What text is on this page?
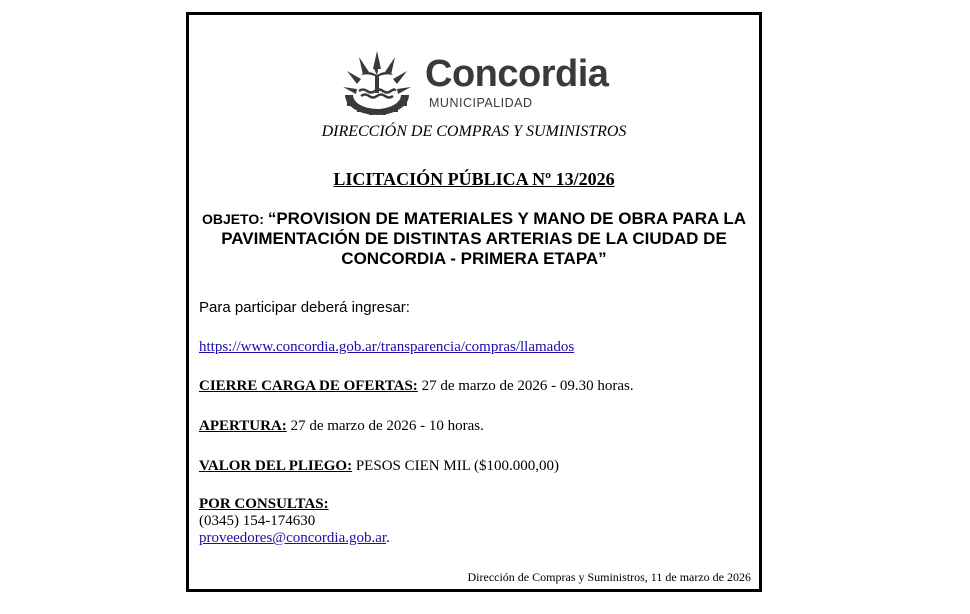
Concordia
MUNICIPALIDAD
DIRECCIÓN DE COMPRAS Y SUMINISTROS
LICITACIÓN PÚBLICA Nº 13/2026
OBJETO: “PROVISION DE MATERIALES Y MANO DE OBRA PARA LA PAVIMENTACIÓN DE DISTINTAS ARTERIAS DE LA CIUDAD DE CONCORDIA - PRIMERA ETAPA”
Para participar deberá ingresar:
https://www.concordia.gob.ar/transparencia/compras/llamados
CIERRE CARGA DE OFERTAS: 27 de marzo de 2026 - 09.30 horas.
APERTURA: 27 de marzo de 2026 - 10 horas.
VALOR DEL PLIEGO: PESOS CIEN MIL ($100.000,00)
POR CONSULTAS:
(0345) 154-174630
proveedores@concordia.gob.ar.
Dirección de Compras y Suministros, 11 de marzo de 2026
